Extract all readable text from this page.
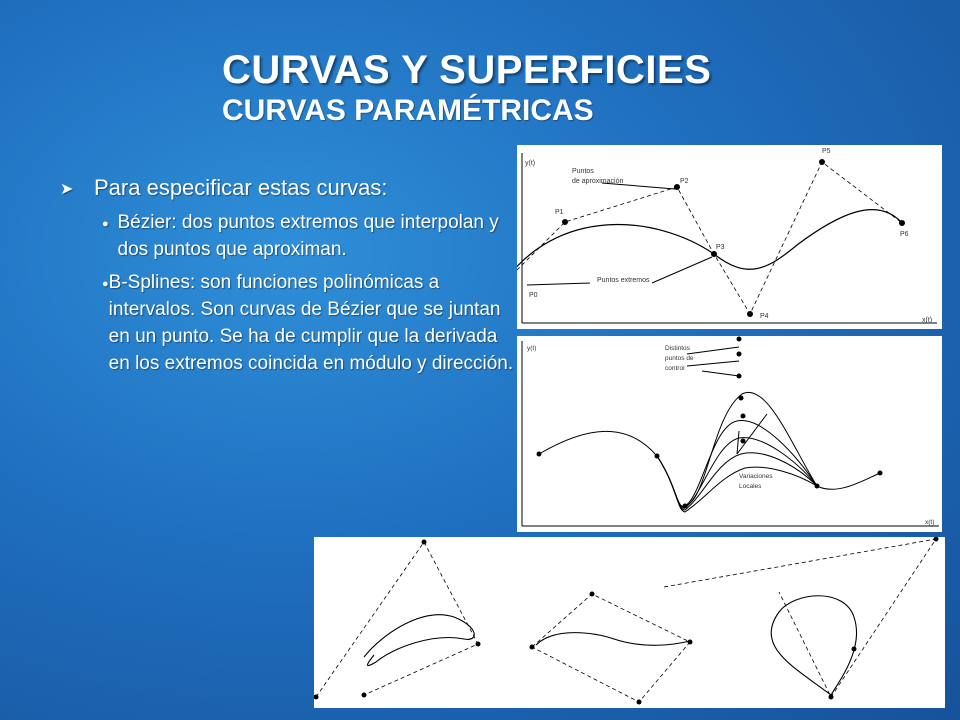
CURVAS Y SUPERFICIES
CURVAS PARAMÉTRICAS
➤ Para especificar estas curvas:
● Bézier: dos puntos extremos que interpolan y dos puntos que aproximan.
● B-Splines: son funciones polinómicas a intervalos. Son curvas de Bézier que se juntan en un punto. Se ha de cumplir que la derivada en los extremos coincida en módulo y dirección.
y(t)
x(t)
Puntos
de aproximación
Puntos extremos
P0
P1
P2
P3
P4
P5
P6
y(t)
x(t)
Distintos
puntos de
control
Variaciones
Locales
